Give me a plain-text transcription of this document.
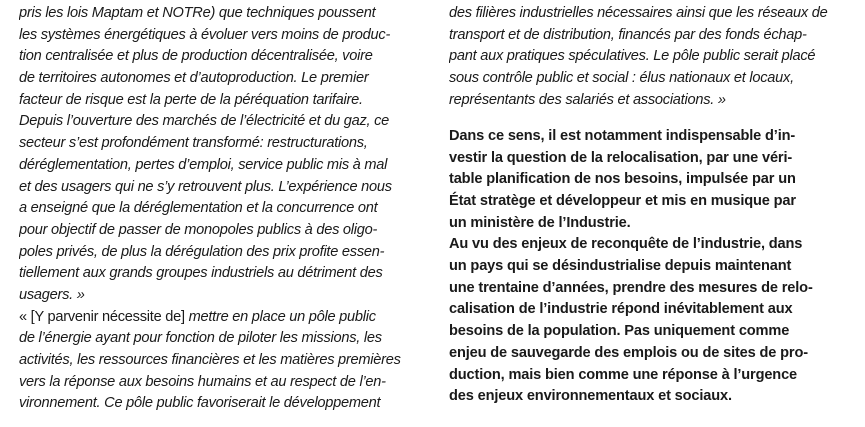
pris les lois Maptam et NOTRe) que techniques poussent
les systèmes énergétiques à évoluer vers moins de produc-
tion centralisée et plus de production décentralisée, voire
de territoires autonomes et d’autoproduction. Le premier
facteur de risque est la perte de la péréquation tarifaire.
Depuis l’ouverture des marchés de l’électricité et du gaz, ce
secteur s’est profondément transformé: restructurations,
déréglementation, pertes d’emploi, service public mis à mal
et des usagers qui ne s’y retrouvent plus. L’expérience nous
a enseigné que la déréglementation et la concurrence ont
pour objectif de passer de monopoles publics à des oligo-
poles privés, de plus la dérégulation des prix profite essen-
tiellement aux grands groupes industriels au détriment des
usagers. »
« [Y parvenir nécessite de] mettre en place un pôle public
de l’énergie ayant pour fonction de piloter les missions, les
activités, les ressources financières et les matières premières
vers la réponse aux besoins humains et au respect de l’en-
vironnement. Ce pôle public favoriserait le développement
des filières industrielles nécessaires ainsi que les réseaux de
transport et de distribution, financés par des fonds échap-
pant aux pratiques spéculatives. Le pôle public serait placé
sous contrôle public et social : élus nationaux et locaux,
représentants des salariés et associations. »
Dans ce sens, il est notamment indispensable d’in-
vestir la question de la relocalisation, par une véri-
table planification de nos besoins, impulsée par un
État stratège et développeur et mis en musique par
un ministère de l’Industrie.
Au vu des enjeux de reconquête de l’industrie, dans
un pays qui se désindustrialise depuis maintenant
une trentaine d’années, prendre des mesures de relo-
calisation de l’industrie répond inévitablement aux
besoins de la population. Pas uniquement comme
enjeu de sauvegarde des emplois ou de sites de pro-
duction, mais bien comme une réponse à l’urgence
des enjeux environnementaux et sociaux.
